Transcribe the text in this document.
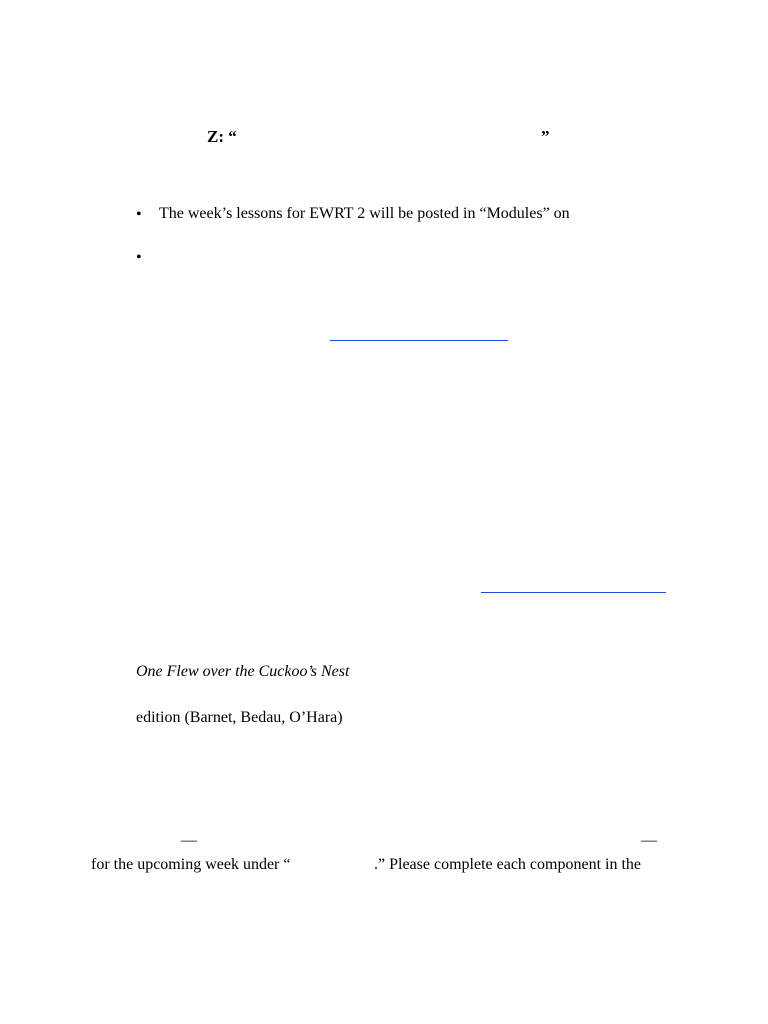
Z: “	”
• The week’s lessons for EWRT 2 will be posted in “Modules” on
•
One Flew over the Cuckoo’s Nest
edition (Barnet, Bedau, O’Hara)
—	—
for the upcoming week under “	.” Please complete each component in the
